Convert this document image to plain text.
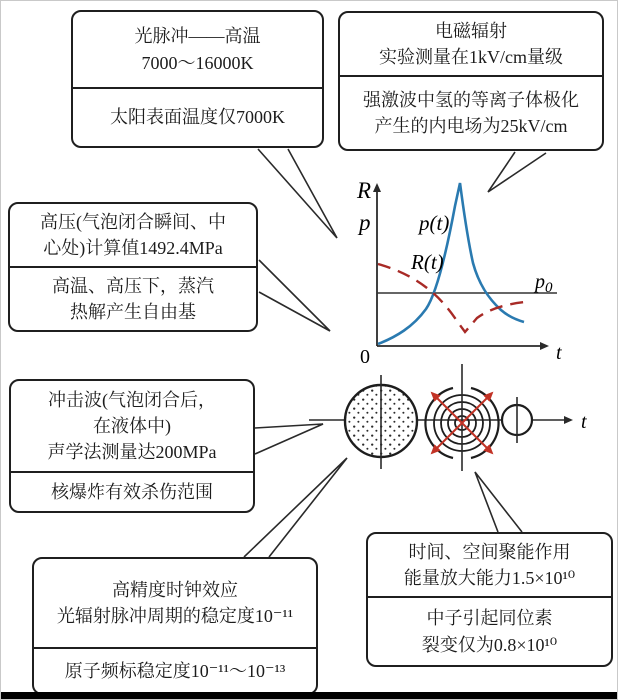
R
p p(t)
R(t)
$p_0$
0	t
t
光脉冲——高温
7000～16000K
太阳表面温度仅7000K
电磁辐射
实验测量在1kV/cm量级
强激波中氢的等离子体极化
产生的内电场为25kV/cm
高压(气泡闭合瞬间、中
心处)计算值1492.4MPa
高温、高压下，蒸汽
热解产生自由基
冲击波(气泡闭合后，
在液体中)
声学法测量达200MPa
核爆炸有效杀伤范围
时间、空间聚能作用
能量放大能力1.5×10¹⁰
中子引起同位素
裂变仅为0.8×10¹⁰
高精度时钟效应
光辐射脉冲周期的稳定度10⁻¹¹
原子频标稳定度10⁻¹¹～10⁻¹³
